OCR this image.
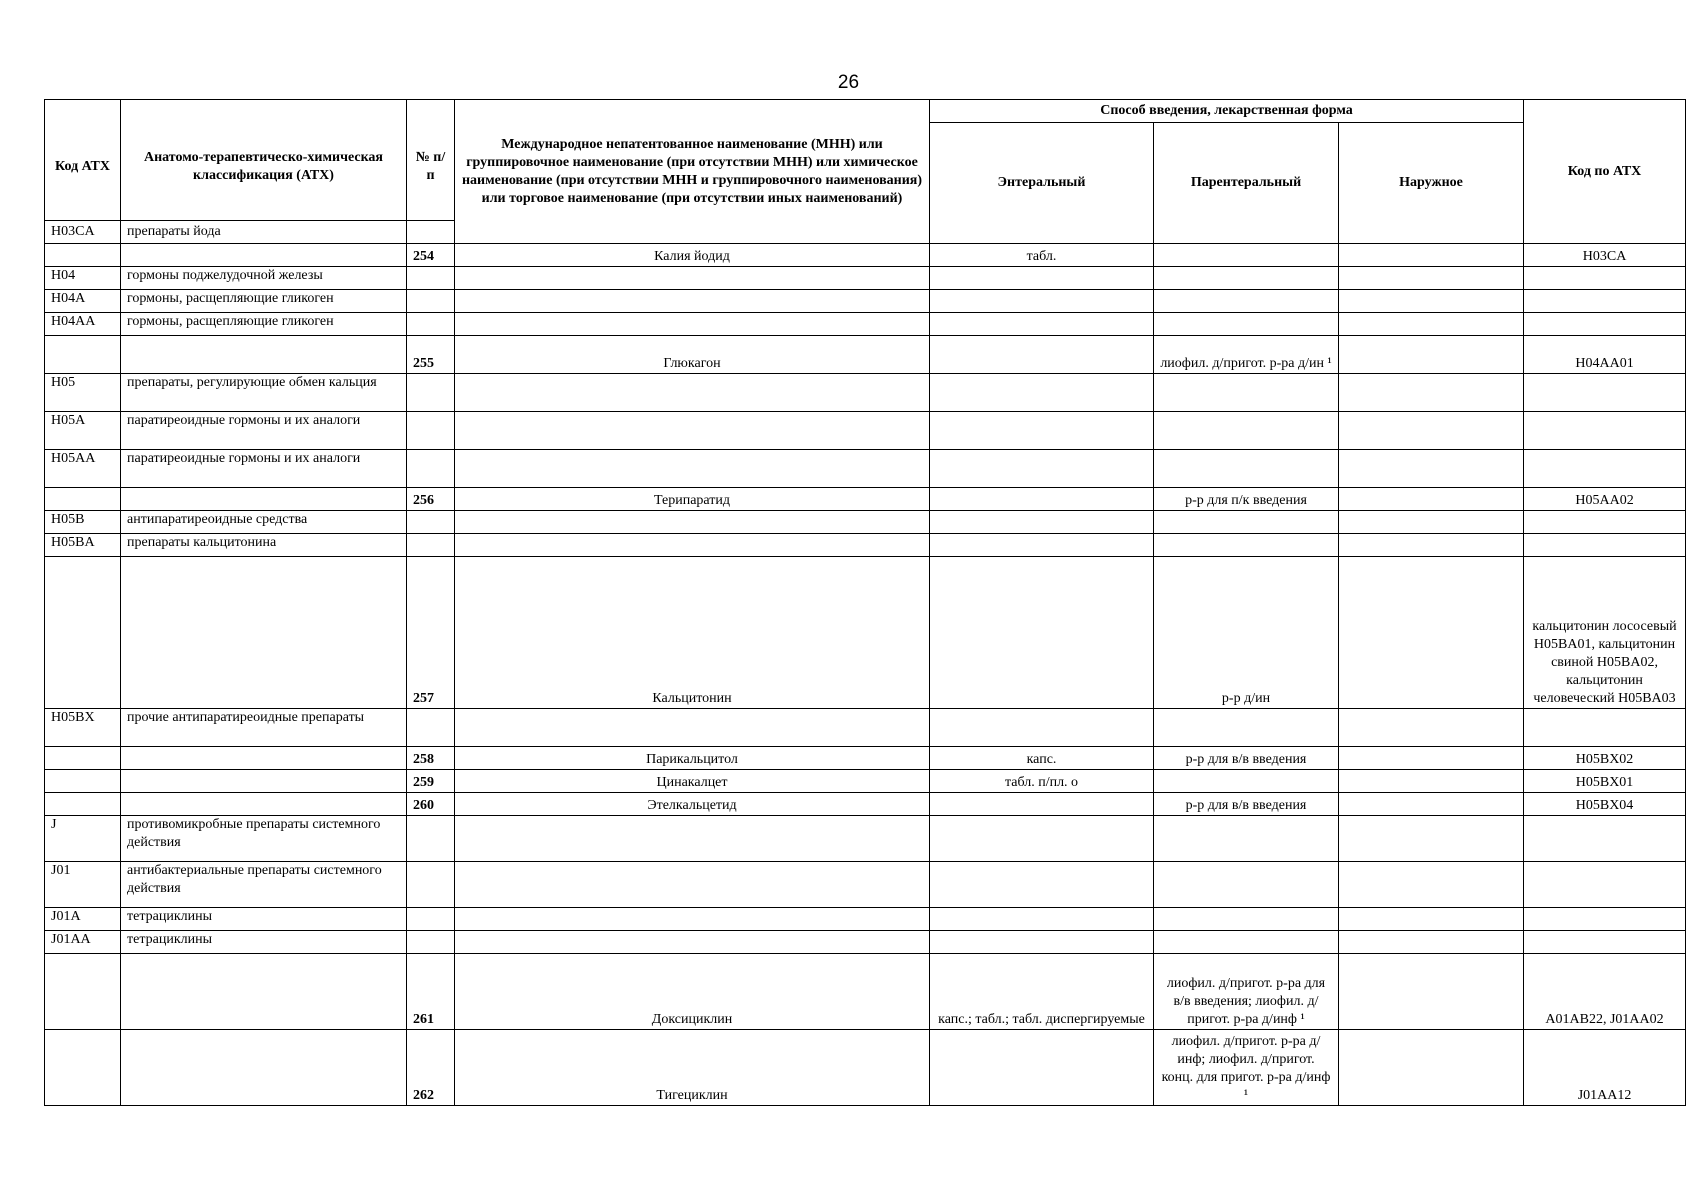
26
Код АТХ	Анатомо-терапевтическо-химическая классификация (АТХ)	№ п/п	Международное непатентованное наименование (МНН) или группировочное наименование (при отсутствии МНН) или химическое наименование (при отсутствии МНН и группировочного наименования) или торговое наименование (при отсутствии иных наименований)	Способ введения, лекарственная форма			Код по АТХ
				Энтеральный	Парентеральный	Наружное	
H03CA	препараты йода						
		254	Калия йодид	табл.			H03CA
H04	гормоны поджелудочной железы						
H04A	гормоны, расщепляющие гликоген						
H04AA	гормоны, расщепляющие гликоген						
		255	Глюкагон		лиофил. д/пригот. р-ра д/ин ¹		H04AA01
H05	препараты, регулирующие обмен кальция						
H05A	паратиреоидные гормоны и их аналоги						
H05AA	паратиреоидные гормоны и их аналоги						
		256	Терипаратид		р-р для п/к введения		H05AA02
H05B	антипаратиреоидные средства						
H05BA	препараты кальцитонина						
		257	Кальцитонин		р-р д/ин		кальцитонин лососевый H05BA01, кальцитонин свиной H05BA02, кальцитонин человеческий H05BA03
H05BX	прочие антипаратиреоидные препараты						
		258	Парикальцитол	капс.	р-р для в/в введения		H05BX02
		259	Цинакалцет	табл. п/пл. о			H05BX01
		260	Этелкальцетид		р-р для в/в введения		H05BX04
J	противомикробные препараты системного действия						
J01	антибактериальные препараты системного действия						
J01A	тетрациклины						
J01AA	тетрациклины						
		261	Доксициклин	капс.; табл.; табл. диспергируемые	лиофил. д/пригот. р-ра для в/в введения; лиофил. д/пригот. р-ра д/инф ¹		A01AB22, J01AA02
		262	Тигециклин		лиофил. д/пригот. р-ра д/инф; лиофил. д/пригот. конц. для пригот. р-ра д/инф ¹		J01AA12
